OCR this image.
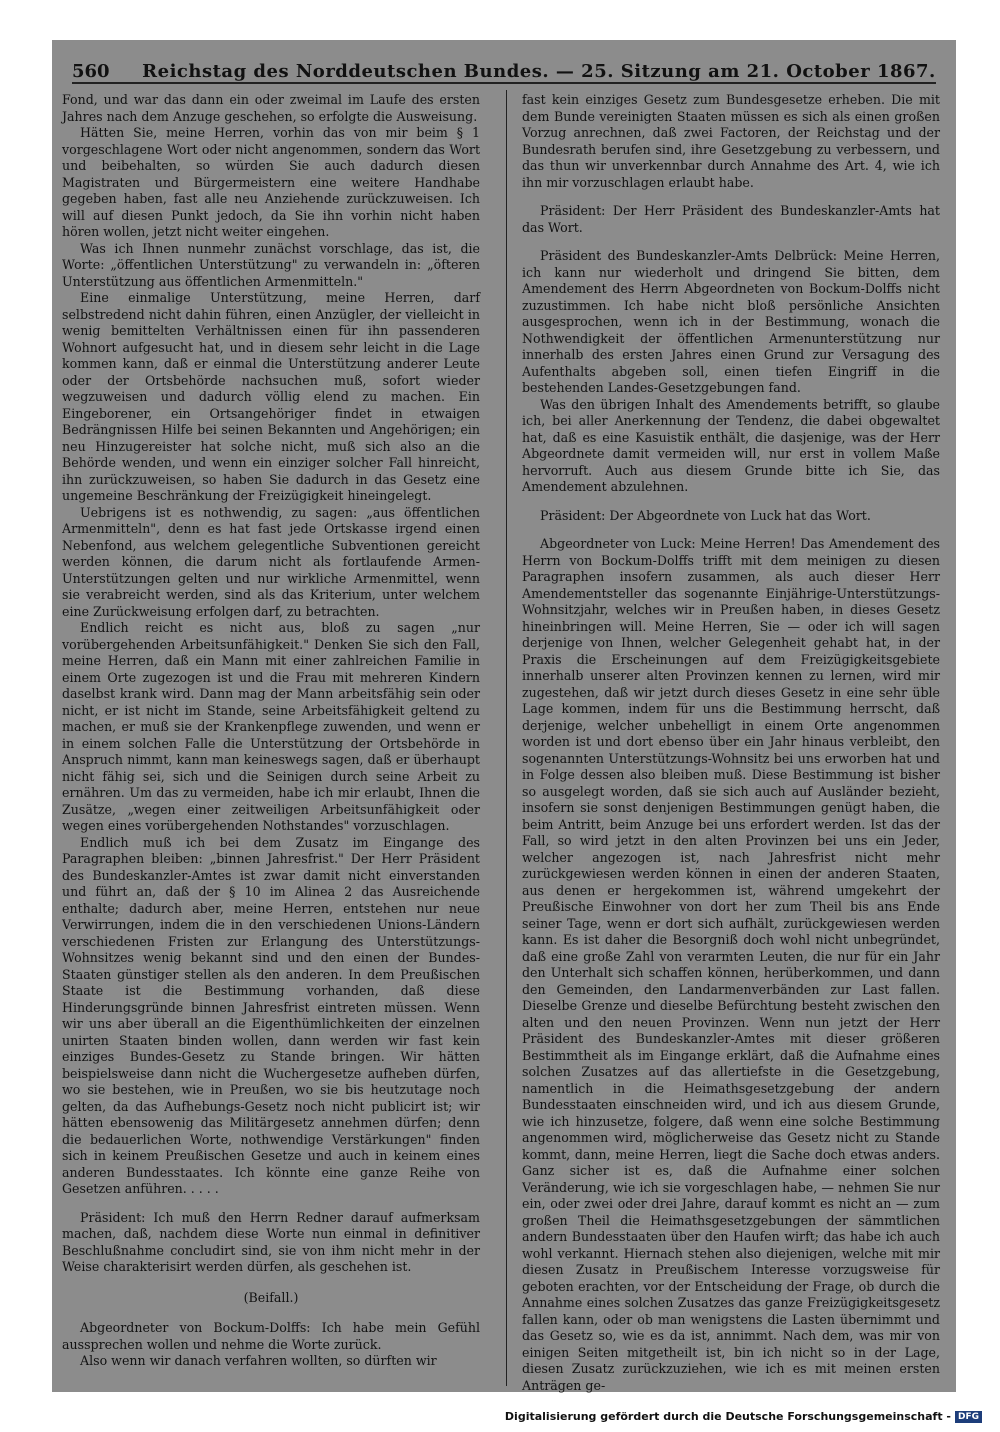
560	Reichstag des Norddeutschen Bundes. — 25. Sitzung am 21. October 1867.

Fond, und war das dann ein oder zweimal im Laufe des ersten Jahres nach dem Anzuge geschehen, so erfolgte die Ausweisung.

Hätten Sie, meine Herren, vorhin das von mir beim § 1 vorgeschlagene Wort oder nicht angenommen, sondern das Wort und beibehalten, so würden Sie auch dadurch diesen Magistraten und Bürgermeistern eine weitere Handhabe gegeben haben, fast alle neu Anziehende zurückzuweisen. Ich will auf diesen Punkt jedoch, da Sie ihn vorhin nicht haben hören wollen, jetzt nicht weiter eingehen.

Was ich Ihnen nunmehr zunächst vorschlage, das ist, die Worte: „öffentlichen Unterstützung" zu verwandeln in: „öfteren Unterstützung aus öffentlichen Armenmitteln."

Eine einmalige Unterstützung, meine Herren, darf selbstredend nicht dahin führen, einen Anzügler, der vielleicht in wenig bemittelten Verhältnissen einen für ihn passenderen Wohnort aufgesucht hat, und in diesem sehr leicht in die Lage kommen kann, daß er einmal die Unterstützung anderer Leute oder der Ortsbehörde nachsuchen muß, sofort wieder wegzuweisen und dadurch völlig elend zu machen. Ein Eingeborener, ein Ortsangehöriger findet in etwaigen Bedrängnissen Hilfe bei seinen Bekannten und Angehörigen; ein neu Hinzugereister hat solche nicht, muß sich also an die Behörde wenden, und wenn ein einziger solcher Fall hinreicht, ihn zurückzuweisen, so haben Sie dadurch in das Gesetz eine ungemeine Beschränkung der Freizügigkeit hineingelegt.

Uebrigens ist es nothwendig, zu sagen: „aus öffentlichen Armenmitteln", denn es hat fast jede Ortskasse irgend einen Nebenfond, aus welchem gelegentliche Subventionen gereicht werden können, die darum nicht als fortlaufende Armen-Unterstützungen gelten und nur wirkliche Armenmittel, wenn sie verabreicht werden, sind als das Kriterium, unter welchem eine Zurückweisung erfolgen darf, zu betrachten.

Endlich reicht es nicht aus, bloß zu sagen „nur vorübergehenden Arbeitsunfähigkeit." Denken Sie sich den Fall, meine Herren, daß ein Mann mit einer zahlreichen Familie in einem Orte zugezogen ist und die Frau mit mehreren Kindern daselbst krank wird. Dann mag der Mann arbeitsfähig sein oder nicht, er ist nicht im Stande, seine Arbeitsfähigkeit geltend zu machen, er muß sie der Krankenpflege zuwenden, und wenn er in einem solchen Falle die Unterstützung der Ortsbehörde in Anspruch nimmt, kann man keineswegs sagen, daß er überhaupt nicht fähig sei, sich und die Seinigen durch seine Arbeit zu ernähren. Um das zu vermeiden, habe ich mir erlaubt, Ihnen die Zusätze, „wegen einer zeitweiligen Arbeitsunfähigkeit oder wegen eines vorübergehenden Nothstandes" vorzuschlagen.

Endlich muß ich bei dem Zusatz im Eingange des Paragraphen bleiben: „binnen Jahresfrist." Der Herr Präsident des Bundeskanzler-Amtes ist zwar damit nicht einverstanden und führt an, daß der § 10 im Alinea 2 das Ausreichende enthalte; dadurch aber, meine Herren, entstehen nur neue Verwirrungen, indem die in den verschiedenen Unions-Ländern verschiedenen Fristen zur Erlangung des Unterstützungs-Wohnsitzes wenig bekannt sind und den einen der Bundes-Staaten günstiger stellen als den anderen. In dem Preußischen Staate ist die Bestimmung vorhanden, daß diese Hinderungsgründe binnen Jahresfrist eintreten müssen. Wenn wir uns aber überall an die Eigenthümlichkeiten der einzelnen unirten Staaten binden wollen, dann werden wir fast kein einziges Bundes-Gesetz zu Stande bringen. Wir hätten beispielsweise dann nicht die Wuchergesetze aufheben dürfen, wo sie bestehen, wie in Preußen, wo sie bis heutzutage noch gelten, da das Aufhebungs-Gesetz noch nicht publicirt ist; wir hätten ebensowenig das Militärgesetz annehmen dürfen; denn die bedauerlichen Worte, nothwendige Verstärkungen" finden sich in keinem Preußischen Gesetze und auch in keinem eines anderen Bundesstaates. Ich könnte eine ganze Reihe von Gesetzen anführen. . . . .

Präsident: Ich muß den Herrn Redner darauf aufmerksam machen, daß, nachdem diese Worte nun einmal in definitiver Beschlußnahme concludirt sind, sie von ihm nicht mehr in der Weise charakterisirt werden dürfen, als geschehen ist.

(Beifall.)

Abgeordneter von Bockum-Dolffs: Ich habe mein Gefühl aussprechen wollen und nehme die Worte zurück.

Also wenn wir danach verfahren wollten, so dürften wir

fast kein einziges Gesetz zum Bundesgesetze erheben. Die mit dem Bunde vereinigten Staaten müssen es sich als einen großen Vorzug anrechnen, daß zwei Factoren, der Reichstag und der Bundesrath berufen sind, ihre Gesetzgebung zu verbessern, und das thun wir unverkennbar durch Annahme des Art. 4, wie ich ihn mir vorzuschlagen erlaubt habe.

Präsident: Der Herr Präsident des Bundeskanzler-Amts hat das Wort.

Präsident des Bundeskanzler-Amts Delbrück: Meine Herren, ich kann nur wiederholt und dringend Sie bitten, dem Amendement des Herrn Abgeordneten von Bockum-Dolffs nicht zuzustimmen. Ich habe nicht bloß persönliche Ansichten ausgesprochen, wenn ich in der Bestimmung, wonach die Nothwendigkeit der öffentlichen Armenunterstützung nur innerhalb des ersten Jahres einen Grund zur Versagung des Aufenthalts abgeben soll, einen tiefen Eingriff in die bestehenden Landes-Gesetzgebungen fand.

Was den übrigen Inhalt des Amendements betrifft, so glaube ich, bei aller Anerkennung der Tendenz, die dabei obgewaltet hat, daß es eine Kasuistik enthält, die dasjenige, was der Herr Abgeordnete damit vermeiden will, nur erst in vollem Maße hervorruft. Auch aus diesem Grunde bitte ich Sie, das Amendement abzulehnen.

Präsident: Der Abgeordnete von Luck hat das Wort.

Abgeordneter von Luck: Meine Herren! Das Amendement des Herrn von Bockum-Dolffs trifft mit dem meinigen zu diesen Paragraphen insofern zusammen, als auch dieser Herr Amendementsteller das sogenannte Einjährige-Unterstützungs-Wohnsitzjahr, welches wir in Preußen haben, in dieses Gesetz hineinbringen will. Meine Herren, Sie — oder ich will sagen derjenige von Ihnen, welcher Gelegenheit gehabt hat, in der Praxis die Erscheinungen auf dem Freizügigkeitsgebiete innerhalb unserer alten Provinzen kennen zu lernen, wird mir zugestehen, daß wir jetzt durch dieses Gesetz in eine sehr üble Lage kommen, indem für uns die Bestimmung herrscht, daß derjenige, welcher unbehelligt in einem Orte angenommen worden ist und dort ebenso über ein Jahr hinaus verbleibt, den sogenannten Unterstützungs-Wohnsitz bei uns erworben hat und in Folge dessen also bleiben muß. Diese Bestimmung ist bisher so ausgelegt worden, daß sie sich auch auf Ausländer bezieht, insofern sie sonst denjenigen Bestimmungen genügt haben, die beim Antritt, beim Anzuge bei uns erfordert werden. Ist das der Fall, so wird jetzt in den alten Provinzen bei uns ein Jeder, welcher angezogen ist, nach Jahresfrist nicht mehr zurückgewiesen werden können in einen der anderen Staaten, aus denen er hergekommen ist, während umgekehrt der Preußische Einwohner von dort her zum Theil bis ans Ende seiner Tage, wenn er dort sich aufhält, zurückgewiesen werden kann. Es ist daher die Besorgniß doch wohl nicht unbegründet, daß eine große Zahl von verarmten Leuten, die nur für ein Jahr den Unterhalt sich schaffen können, herüberkommen, und dann den Gemeinden, den Landarmenverbänden zur Last fallen. Dieselbe Grenze und dieselbe Befürchtung besteht zwischen den alten und den neuen Provinzen. Wenn nun jetzt der Herr Präsident des Bundeskanzler-Amtes mit dieser größeren Bestimmtheit als im Eingange erklärt, daß die Aufnahme eines solchen Zusatzes auf das allertiefste in die Gesetzgebung, namentlich in die Heimathsgesetzgebung der andern Bundesstaaten einschneiden wird, und ich aus diesem Grunde, wie ich hinzusetze, folgere, daß wenn eine solche Bestimmung angenommen wird, möglicherweise das Gesetz nicht zu Stande kommt, dann, meine Herren, liegt die Sache doch etwas anders. Ganz sicher ist es, daß die Aufnahme einer solchen Veränderung, wie ich sie vorgeschlagen habe, — nehmen Sie nur ein, oder zwei oder drei Jahre, darauf kommt es nicht an — zum großen Theil die Heimathsgesetzgebungen der sämmtlichen andern Bundesstaaten über den Haufen wirft; das habe ich auch wohl verkannt. Hiernach stehen also diejenigen, welche mit mir diesen Zusatz in Preußischem Interesse vorzugsweise für geboten erachten, vor der Entscheidung der Frage, ob durch die Annahme eines solchen Zusatzes das ganze Freizügigkeitsgesetz fallen kann, oder ob man wenigstens die Lasten übernimmt und das Gesetz so, wie es da ist, annimmt. Nach dem, was mir von einigen Seiten mitgetheilt ist, bin ich nicht so in der Lage, diesen Zusatz zurückzuziehen, wie ich es mit meinen ersten Anträgen ge-

Digitalisierung gefördert durch die Deutsche Forschungsgemeinschaft - DFG
